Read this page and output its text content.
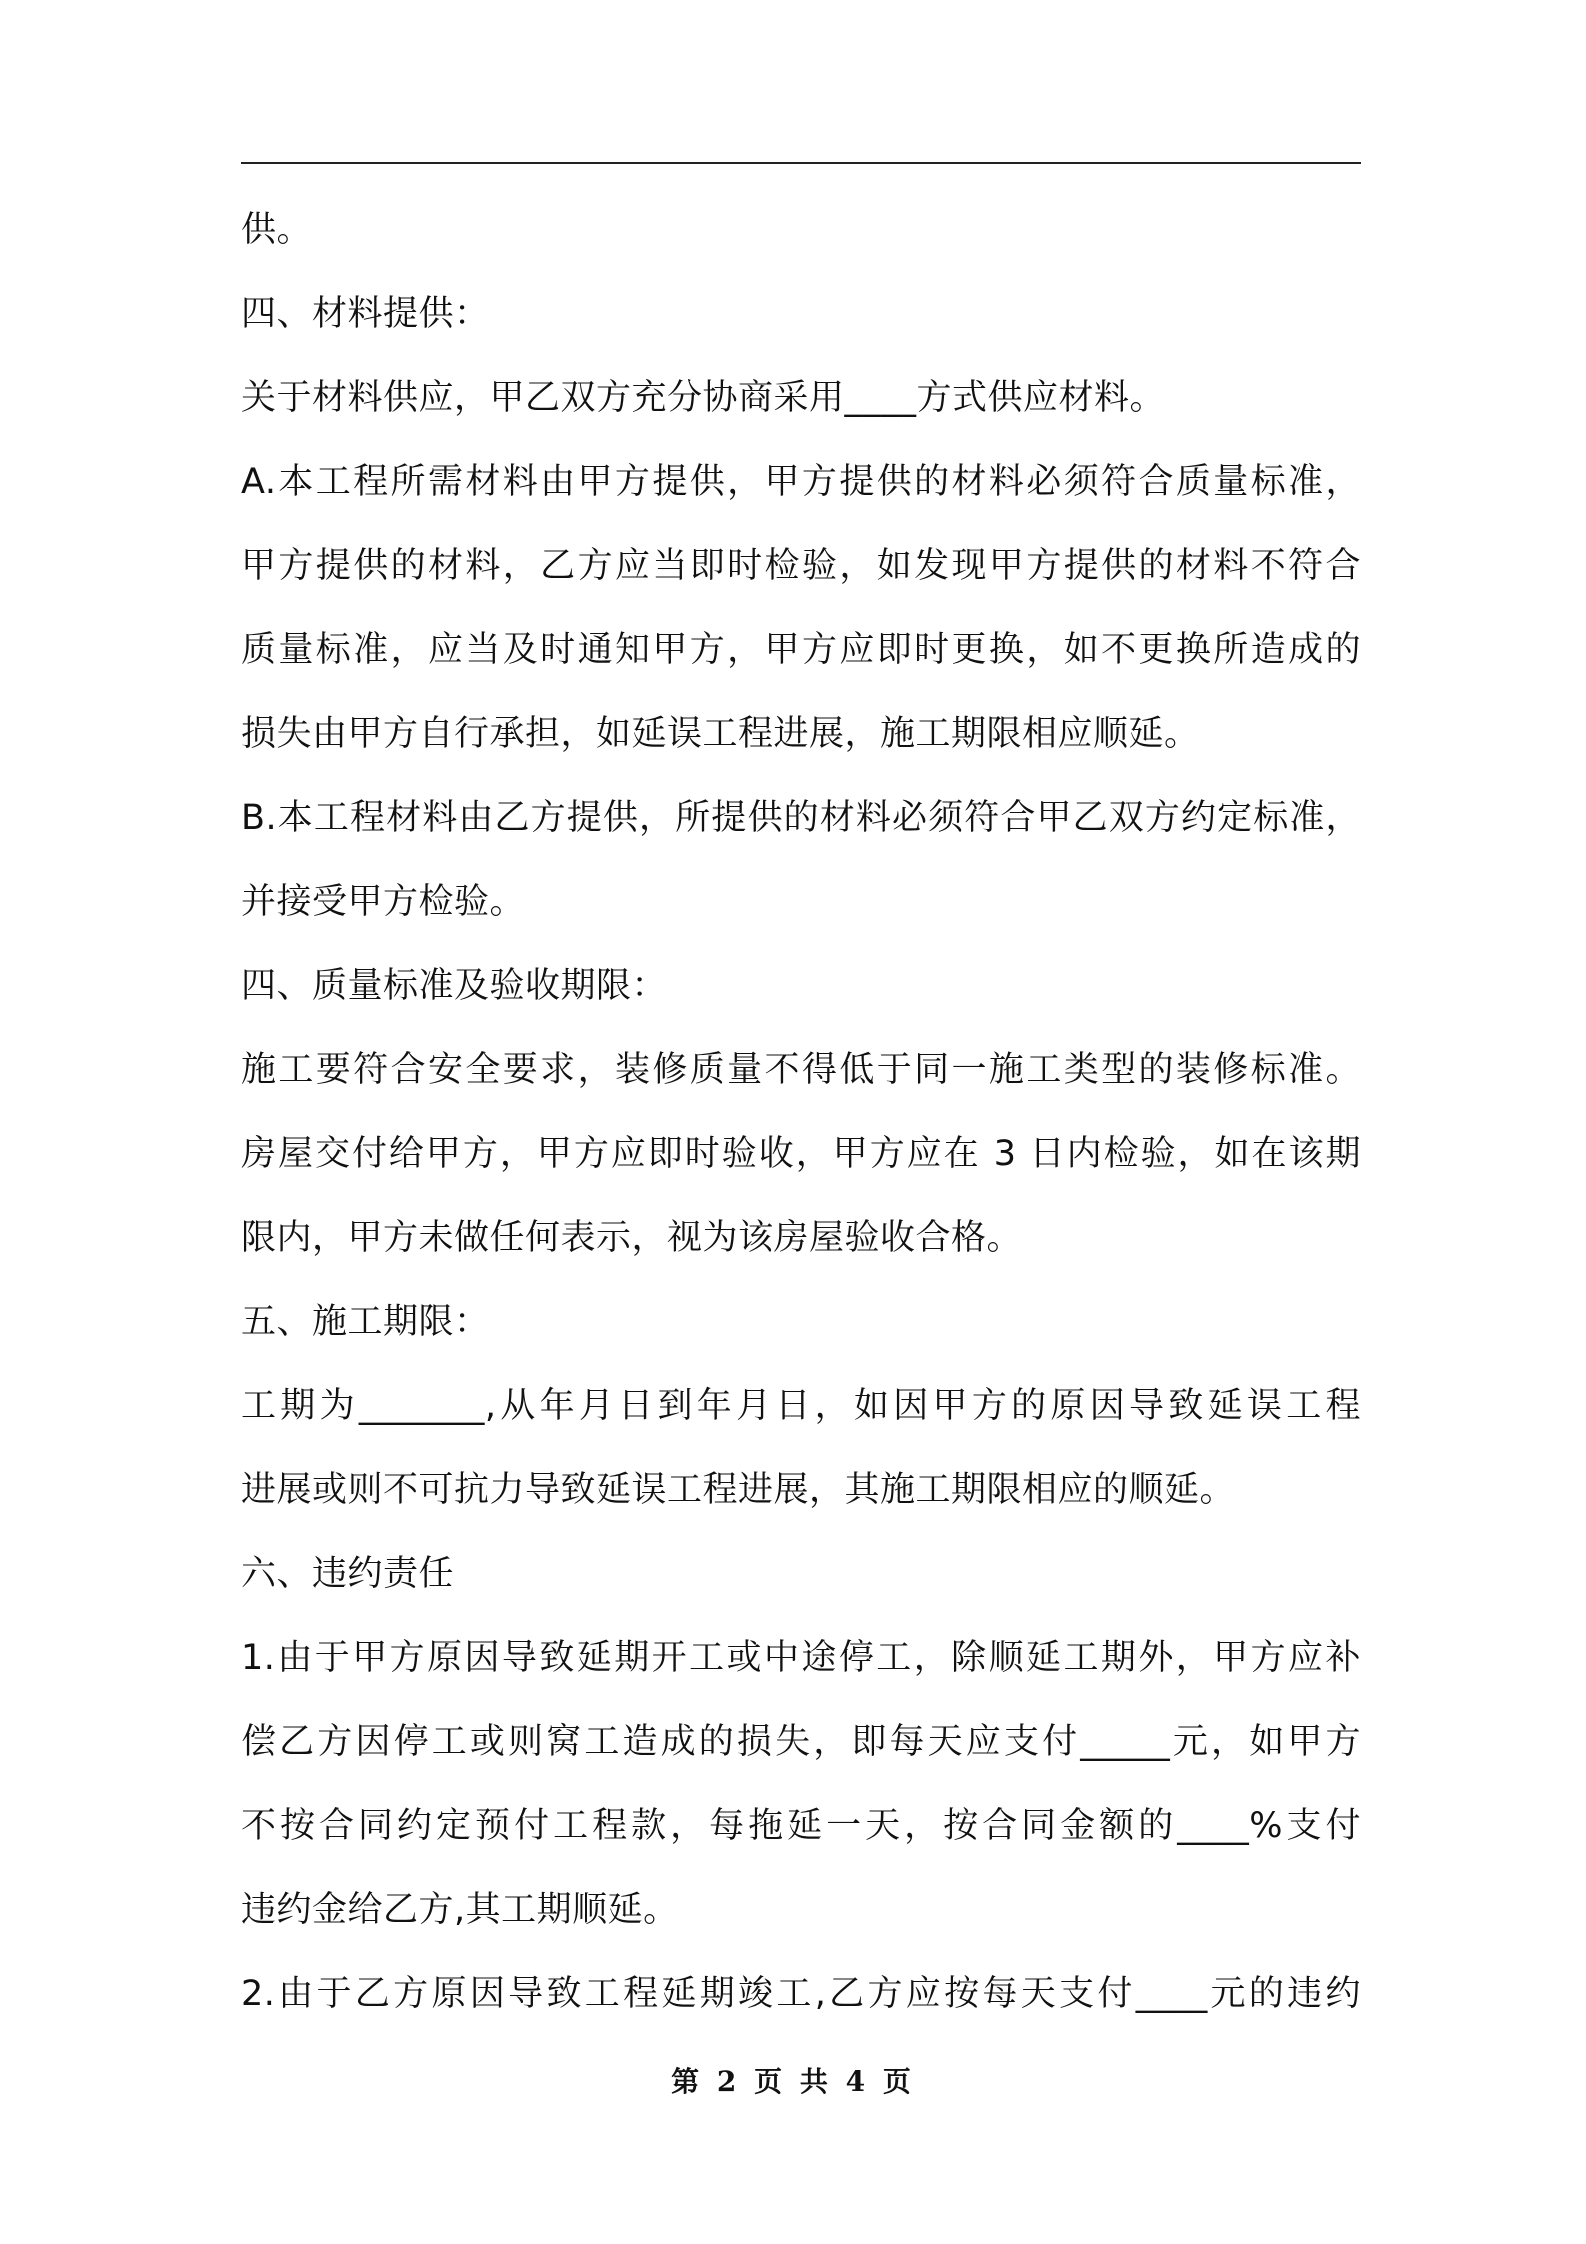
供。
四、材料提供：
关于材料供应，甲乙双方充分协商采用____方式供应材料。
A.本工程所需材料由甲方提供，甲方提供的材料必须符合质量标准，
甲方提供的材料，乙方应当即时检验，如发现甲方提供的材料不符合
质量标准，应当及时通知甲方，甲方应即时更换，如不更换所造成的
损失由甲方自行承担，如延误工程进展，施工期限相应顺延。
B.本工程材料由乙方提供，所提供的材料必须符合甲乙双方约定标准，
并接受甲方检验。
四、质量标准及验收期限：
施工要符合安全要求，装修质量不得低于同一施工类型的装修标准。
房屋交付给甲方，甲方应即时验收，甲方应在 3 日内检验，如在该期
限内，甲方未做任何表示，视为该房屋验收合格。
五、施工期限：
工期为_______,从年月日到年月日，如因甲方的原因导致延误工程
进展或则不可抗力导致延误工程进展，其施工期限相应的顺延。
六、违约责任
1.由于甲方原因导致延期开工或中途停工，除顺延工期外，甲方应补
偿乙方因停工或则窝工造成的损失，即每天应支付_____元，如甲方
不按合同约定预付工程款，每拖延一天，按合同金额的____%支付
违约金给乙方,其工期顺延。
2.由于乙方原因导致工程延期竣工,乙方应按每天支付____元的违约
第 2 页 共 4 页
